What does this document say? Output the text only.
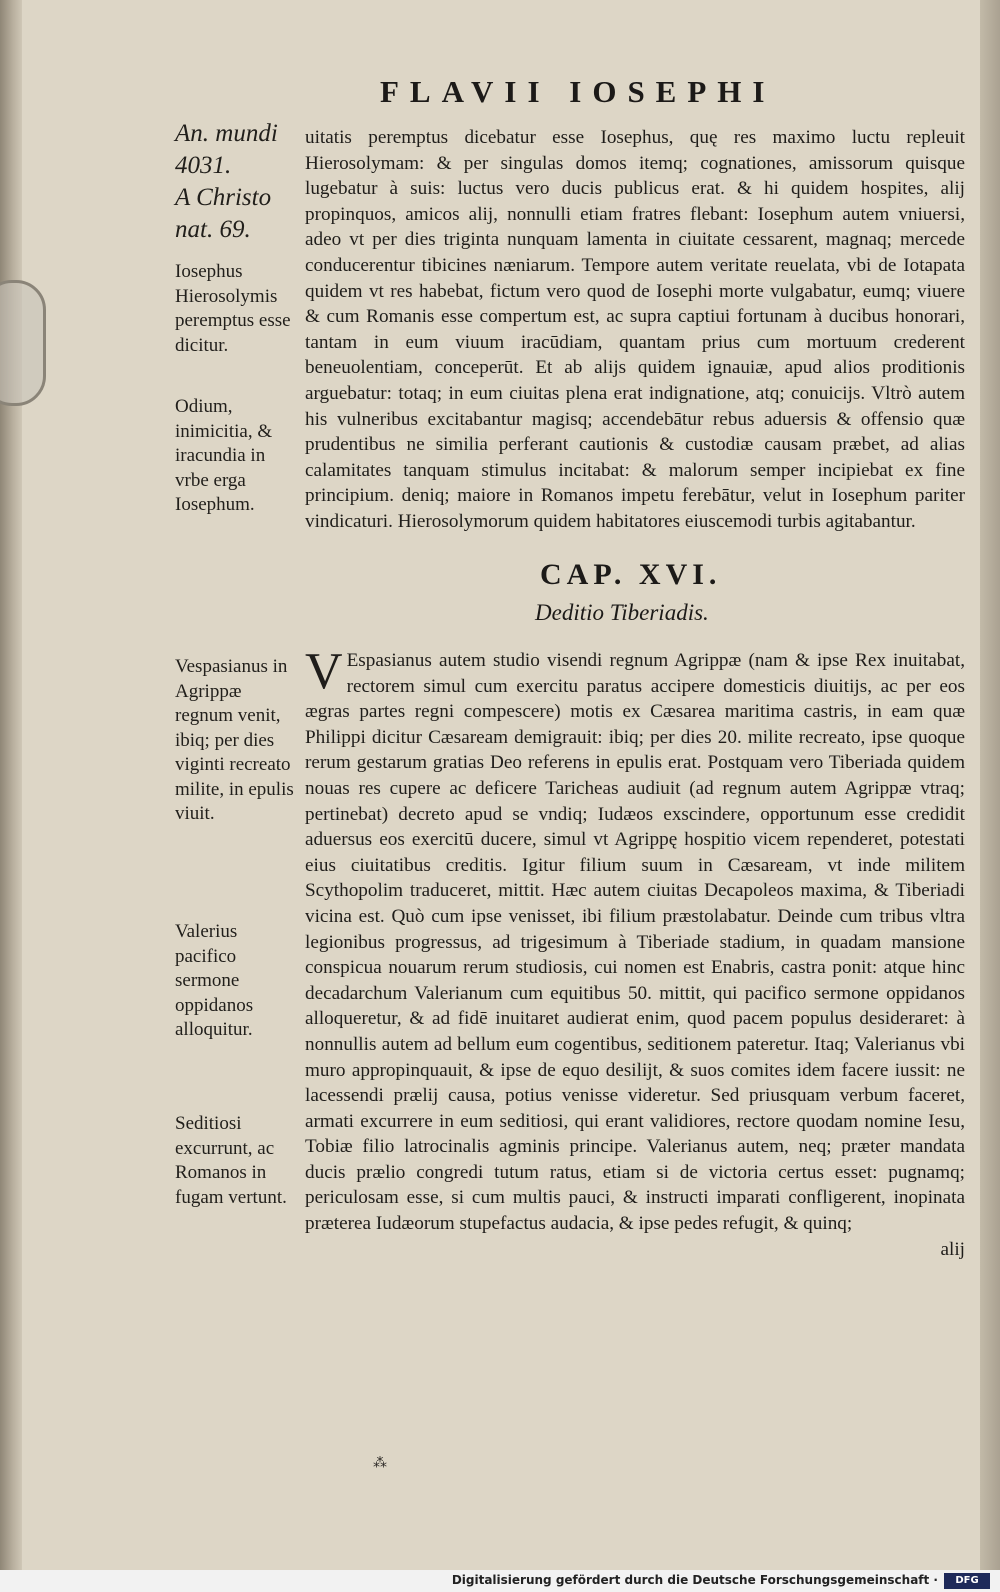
FLAVII IOSEPHI
An. mundi
4031.
A Christo
nat. 69.
Iosephus Hierosolymis peremptus esse dicitur.
Odium, inimicitia, & iracundia in vrbe erga Iosephum.
Vespasianus in Agrippæ regnum venit, ibiq; per dies viginti recreato milite, in epulis viuit.
Valerius pacifico sermone oppidanos alloquitur.
Seditiosi excurrunt, ac Romanos in fugam vertunt.
uitatis peremptus dicebatur esse Iosephus, quę res maximo luctu repleuit Hierosolymam: & per singulas domos itemq; cognationes, amissorum quisque lugebatur à suis: luctus vero ducis publicus erat. & hi quidem hospites, alij propinquos, amicos alij, nonnulli etiam fratres flebant: Iosephum autem vniuersi, adeo vt per dies triginta nunquam lamenta in ciuitate cessarent, magnaq; mercede conducerentur tibicines næniarum. Tempore autem veritate reuelata, vbi de Iotapata quidem vt res habebat, fictum vero quod de Iosephi morte vulgabatur, eumq; viuere & cum Romanis esse compertum est, ac supra captiui fortunam à ducibus honorari, tantam in eum viuum iracūdiam, quantam prius cum mortuum crederent beneuolentiam, conceperūt. Et ab alijs quidem ignauiæ, apud alios proditionis arguebatur: totaq; in eum ciuitas plena erat indignatione, atq; conuicijs. Vltrò autem his vulneribus excitabantur magisq; accendebātur rebus aduersis & offensio quæ prudentibus ne similia perferant cautionis & custodiæ causam præbet, ad alias calamitates tanquam stimulus incitabat: & malorum semper incipiebat ex fine principium. deniq; maiore in Romanos impetu ferebātur, velut in Iosephum pariter vindicaturi. Hierosolymorum quidem habitatores eiuscemodi turbis agitabantur.
CAP. XVI.
Deditio Tiberiadis.
V Espasianus autem studio visendi regnum Agrippæ (nam & ipse Rex inuitabat, rectorem simul cum exercitu paratus accipere domesticis diuitijs, ac per eos ægras partes regni compescere) motis ex Cæsarea maritima castris, in eam quæ Philippi dicitur Cæsaream demigrauit: ibiq; per dies 20. milite recreato, ipse quoque rerum gestarum gratias Deo referens in epulis erat. Postquam vero Tiberiada quidem nouas res cupere ac deficere Taricheas audiuit (ad regnum autem Agrippæ vtraq; pertinebat) decreto apud se vndiq; Iudæos exscindere, opportunum esse credidit aduersus eos exercitū ducere, simul vt Agrippę hospitio vicem rependeret, potestati eius ciuitatibus creditis. Igitur filium suum in Cæsaream, vt inde militem Scythopolim traduceret, mittit. Hæc autem ciuitas Decapoleos maxima, & Tiberiadi vicina est. Quò cum ipse venisset, ibi filium præstolabatur. Deinde cum tribus vltra legionibus progressus, ad trigesimum à Tiberiade stadium, in quadam mansione conspicua nouarum rerum studiosis, cui nomen est Enabris, castra ponit: atque hinc decadarchum Valerianum cum equitibus 50. mittit, qui pacifico sermone oppidanos alloqueretur, & ad fidē inuitaret audierat enim, quod pacem populus desideraret: à nonnullis autem ad bellum eum cogentibus, seditionem pateretur. Itaq; Valerianus vbi muro appropinquauit, & ipse de equo desilijt, & suos comites idem facere iussit: ne lacessendi prælij causa, potius venisse videretur. Sed priusquam verbum faceret, armati excurrere in eum seditiosi, qui erant validiores, rectore quodam nomine Iesu, Tobiæ filio latrocinalis agminis principe. Valerianus autem, neq; præter mandata ducis prælio congredi tutum ratus, etiam si de victoria certus esset: pugnamq; periculosam esse, si cum multis pauci, & instructi imparati confligerent, inopinata præterea Iudæorum stupefactus audacia, & ipse pedes refugit, & quinq;
alij
⁂
Digitalisierung gefördert durch die Deutsche Forschungsgemeinschaft ·	DFG
